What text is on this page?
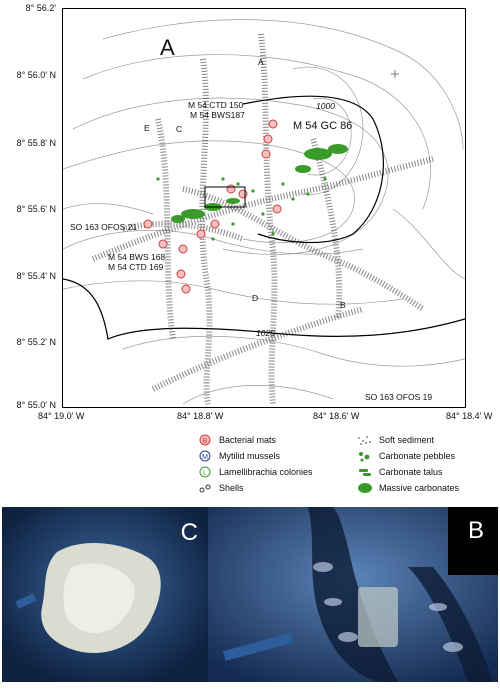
8° 56.2'
8° 56.0' N
8° 55.8' N
8° 55.6' N
8° 55.4' N
8° 55.2' N
8° 55.0' N
84° 19.0' W	84° 18.8' W	84° 18.6' W	84° 18.4' W
A
M 54 CTD 150
M 54 BWS187
M 54 GC 86
SO 163 OFOS 21
M 54 BWS 168
M 54 CTD 169
SO 163 OFOS 19
1000
1025
A
B
C
D
E
B Bacterial mats
M Mytilid mussels
L Lamellibrachia colonies
Shells
Soft sediment
Carbonate pebbles
Carbonate talus
Massive carbonates
C	B
